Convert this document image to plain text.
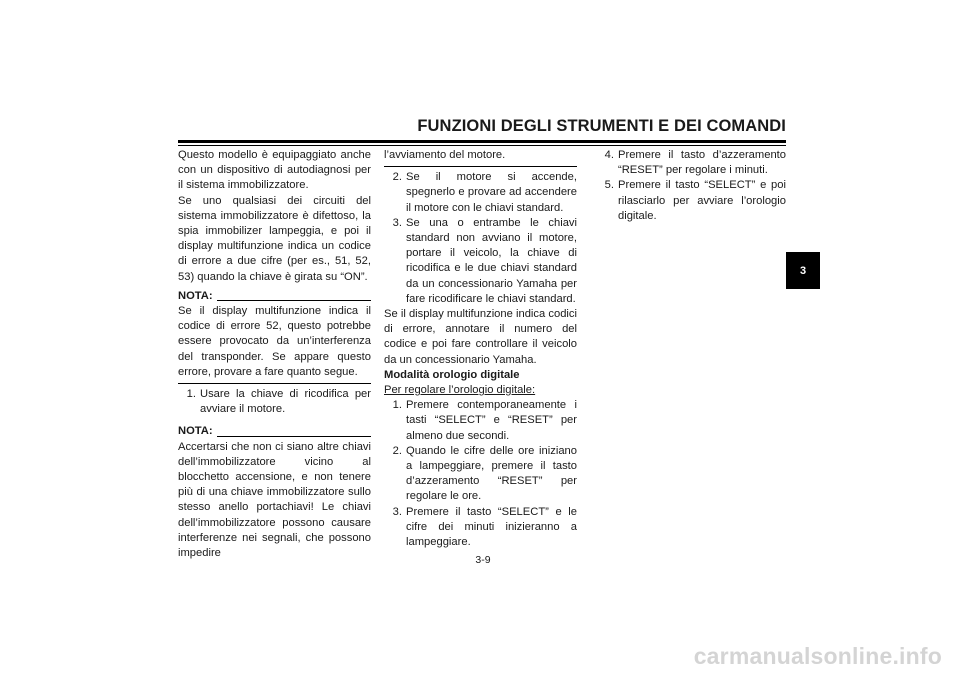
FUNZIONI DEGLI STRUMENTI E DEI COMANDI

Questo modello è equipaggiato anche con un dispositivo di autodiagnosi per il sistema immobilizzatore.

Se uno qualsiasi dei circuiti del sistema immobilizzatore è difettoso, la spia immobilizer lampeggia, e poi il display multifunzione indica un codice di errore a due cifre (per es., 51, 52, 53) quando la chiave è girata su “ON”.

NOTA:

Se il display multifunzione indica il codice di errore 52, questo potrebbe essere provocato da un’interferenza del transponder. Se appare questo errore, provare a fare quanto segue.

1. Usare la chiave di ricodifica per avviare il motore.
NOTA:

Accertarsi che non ci siano altre chiavi dell’immobilizzatore vicino al blocchetto accensione, e non tenere più di una chiave immobilizzatore sullo stesso anello portachiavi! Le chiavi dell’immobilizzatore possono causare interferenze nei segnali, che possono impedire

l’avviamento del motore.

2. Se il motore si accende, spegnerlo e provare ad accendere il motore con le chiavi standard.
3. Se una o entrambe le chiavi standard non avviano il motore, portare il veicolo, la chiave di ricodifica e le due chiavi standard da un concessionario Yamaha per fare ricodificare le chiavi standard.

Se il display multifunzione indica codici di errore, annotare il numero del codice e poi fare controllare il veicolo da un concessionario Yamaha.

Modalità orologio digitale

Per regolare l’orologio digitale:

1. Premere contemporaneamente i tasti “SELECT” e “RESET” per almeno due secondi.
2. Quando le cifre delle ore iniziano a lampeggiare, premere il tasto d’azzeramento “RESET” per regolare le ore.
3. Premere il tasto “SELECT” e le cifre dei minuti inizieranno a lampeggiare.
4. Premere il tasto d’azzeramento “RESET” per regolare i minuti.
5. Premere il tasto “SELECT” e poi rilasciarlo per avviare l’orologio digitale.
3
3-9
carmanualsonline.info
